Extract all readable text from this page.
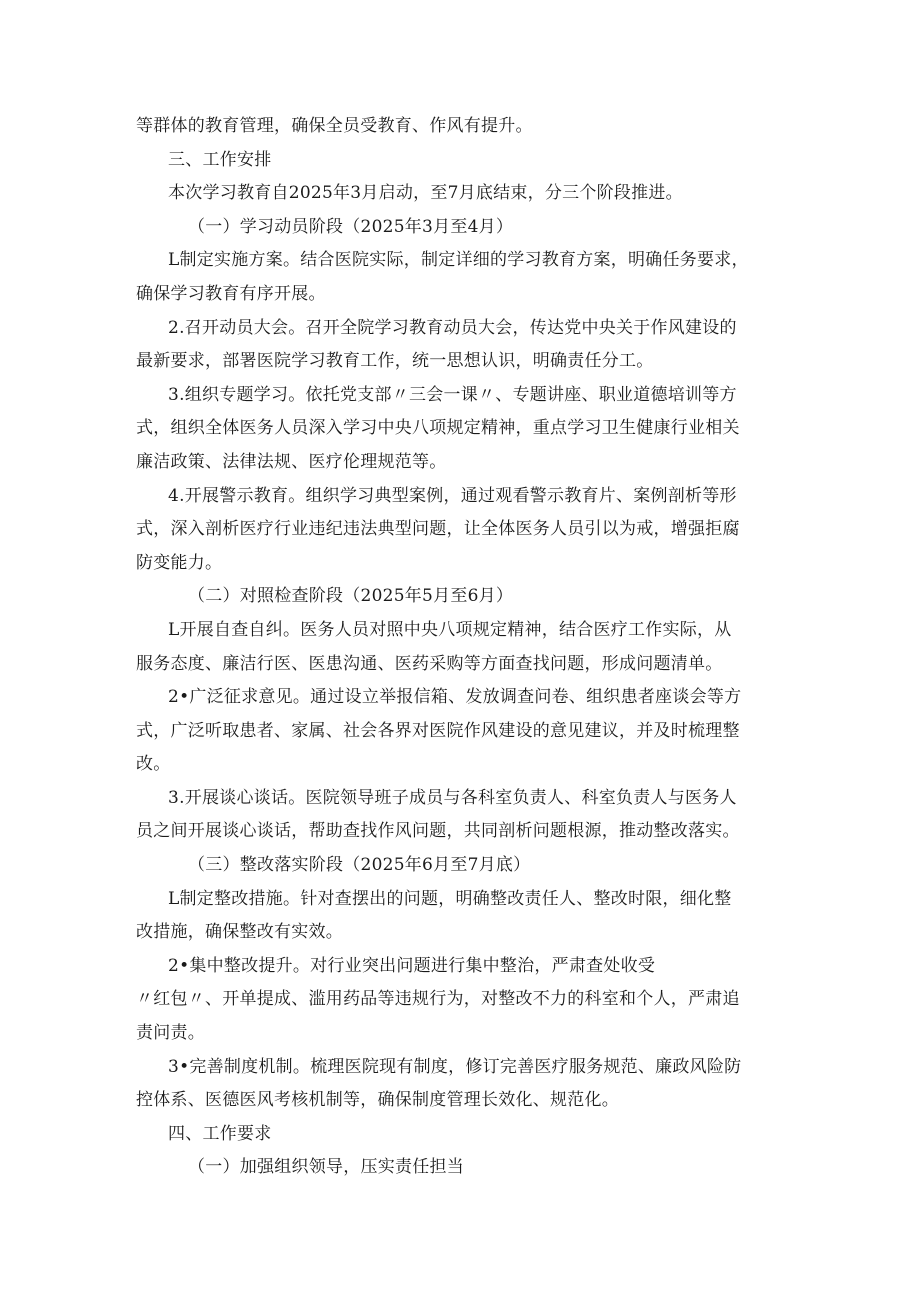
等群体的教育管理，确保全员受教育、作风有提升。
三、工作安排
本次学习教育自2025年3月启动，至7月底结束，分三个阶段推进。
（一）学习动员阶段（2025年3月至4月）
L制定实施方案。结合医院实际，制定详细的学习教育方案，明确任务要求，
确保学习教育有序开展。
2.召开动员大会。召开全院学习教育动员大会，传达党中央关于作风建设的
最新要求，部署医院学习教育工作，统一思想认识，明确责任分工。
3.组织专题学习。依托党支部〃三会一课〃、专题讲座、职业道德培训等方
式，组织全体医务人员深入学习中央八项规定精神，重点学习卫生健康行业相关
廉洁政策、法律法规、医疗伦理规范等。
4.开展警示教育。组织学习典型案例，通过观看警示教育片、案例剖析等形
式，深入剖析医疗行业违纪违法典型问题，让全体医务人员引以为戒，增强拒腐
防变能力。
（二）对照检查阶段（2025年5月至6月）
L开展自查自纠。医务人员对照中央八项规定精神，结合医疗工作实际，从
服务态度、廉洁行医、医患沟通、医药采购等方面查找问题，形成问题清单。
2•广泛征求意见。通过设立举报信箱、发放调查问卷、组织患者座谈会等方
式，广泛听取患者、家属、社会各界对医院作风建设的意见建议，并及时梳理整
改。
3.开展谈心谈话。医院领导班子成员与各科室负责人、科室负责人与医务人
员之间开展谈心谈话，帮助查找作风问题，共同剖析问题根源，推动整改落实。
（三）整改落实阶段（2025年6月至7月底）
L制定整改措施。针对查摆出的问题，明确整改责任人、整改时限，细化整
改措施，确保整改有实效。
2•集中整改提升。对行业突出问题进行集中整治，严肃查处收受
〃红包〃、开单提成、滥用药品等违规行为，对整改不力的科室和个人，严肃追
责问责。
3•完善制度机制。梳理医院现有制度，修订完善医疗服务规范、廉政风险防
控体系、医德医风考核机制等，确保制度管理长效化、规范化。
四、工作要求
（一）加强组织领导，压实责任担当
